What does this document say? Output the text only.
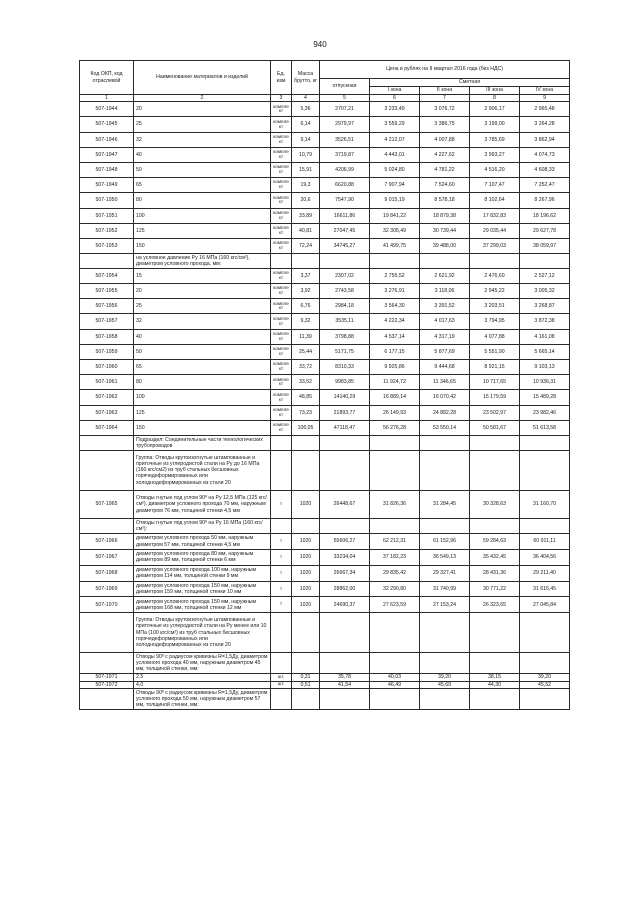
940
Код ОКП, код отраслевой	Наименование материалов и изделий	Ед. изм	Масса брутто, кг	Цена в рублях на II квартал 2016 года (без НДС)				
				отпускная	Сметная			
					I зона	II зона	III зона	IV зона
1	2	3	4	5	6	7	8	9
507-1944	20	компле кт	5,36	2707,21	3 233,49	3 076,72	2 906,17	2 965,48
507-1945	25	компле кт	6,14	2979,97	3 559,29	3 386,75	3 199,00	3 264,28
507-1946	32	компле кт	9,14	3526,51	4 212,07	4 007,88	3 785,69	3 862,94
507-1947	40	компле кт	10,79	3719,87	4 443,01	4 227,62	3 993,27	4 074,73
507-1948	50	компле кт	15,91	4206,99	5 024,80	4 781,22	4 516,20	4 608,33
507-1949	65	компле кт	19,3	6620,88	7 907,94	7 524,60	7 107,47	7 252,47
507-1950	80	компле кт	20,6	7547,90	9 015,19	8 578,18	8 102,64	8 267,96
507-1951	100	компле кт	33,89	16611,86	19 841,22	18 879,38	17 832,83	18 196,62
507-1952	125	компле кт	40,81	27047,45	32 305,49	30 739,44	29 035,44	29 627,78
507-1953	150	компле кт	72,24	34745,27	41 499,75	39 488,00	37 299,03	38 059,97
	на условное давление Ру 16 МПа (160 кгс/см²), диаметром условного прохода, мм:							
507-1954	15	компле кт	3,37	2307,02	2 755,52	2 621,92	2 476,60	2 527,12
507-1955	20	компле кт	3,92	2743,58	3 276,91	3 118,06	2 945,22	3 005,32
507-1956	25	компле кт	6,76	2984,18	3 564,30	3 391,52	3 203,51	3 268,87
507-1957	32	компле кт	9,32	3535,11	4 222,34	4 017,63	3 794,95	3 872,38
507-1958	40	компле кт	11,39	3798,88	4 537,14	4 317,19	4 077,88	4 161,08
507-1959	50	компле кт	25,44	5171,75	6 177,15	5 877,69	5 551,90	5 665,14
507-1960	65	компле кт	33,72	8310,33	9 925,86	9 444,68	8 921,15	9 103,13
507-1961	80	компле кт	33,52	9983,85	11 924,72	11 346,65	10 717,65	10 936,31
507-1962	100	компле кт	48,85	14140,29	16 889,14	16 070,42	15 179,59	15 489,28
507-1963	125	компле кт	73,23	21893,77	26 149,93	24 882,28	23 502,97	23 982,46
507-1964	150	компле кт	106,05	47118,47	56 276,28	53 550,14	50 581,67	51 613,58
	Подраздел: Соединительные части технологических трубопроводов							
	Группа: Отводы крутоизогнутые штампованные и приточные из углеродистой стали на Ру до 16 МПа (160 кгс/см2) из труб стальных бесшовных горячедеформированных или холоднодеформированных из стали 20							
507-1965	Отводы гнутые под углом 90º на Ру 12,5 МПа (125 кгс/см²), диаметром условного прохода 70 мм, наружным диаметром 76 мм, толщиной стенки 4,5 мм	т	1020	26448,67	31 826,36	31 284,45	30 328,63	31 160,70
	Отводы гнутые под углом 90º на Ру 16 МПа (160 кгс/см²):							
507-1966	диаметром условного прохода 50 мм, наружным диаметром 57 мм, толщиной стенки 4,5 мм	т	1020	55606,27	62 212,31	61 152,96	59 284,63	60 911,11
507-1967	диаметром условного прохода 80 мм, наружным диаметром 89 мм, толщиной стенки 6 мм	т	1020	33234,04	37 182,23	36 549,13	35 432,45	36 404,56
507-1968	диаметром условного прохода 100 мм, наружным диаметром 114 мм, толщиной стенки 9 мм	т	1020	26667,34	29 835,42	29 327,41	28 431,36	29 211,40
507-1969	диаметром условного прохода 150 мм, наружным диаметром 159 мм, толщиной стенки 10 мм	т	1020	28862,00	32 290,80	31 740,99	30 771,22	31 615,45
507-1970	диаметром условного прохода 150 мм, наружным диаметром 168 мм, толщиной стенки 12 мм	т	1020	24690,37	27 623,59	27 153,24	26 323,65	27 045,84
	Группа: Отводы крутоизогнутые штампованные и приточные из углеродистой стали на Ру менее или 10 МПа (100 кгс/см²) из труб стальных бесшовных горячедеформированных или холоднодеформированных из стали 20							
	Отводы 90º с радиусом кривизны R=1,5Ду, диаметром условного прохода 40 мм, наружным диаметром 45 мм, толщиной стенки, мм:							
507-1971	2,5	шт.	0,31	35,78	40,03	39,20	38,15	39,20
507-1972	4,0	шт.	0,51	41,54	46,49	45,69	44,30	45,52
	Отводы 90º с радиусом кривизны R=1,5Ду, диаметром условного прохода 50 мм, наружным диаметром 57 мм, толщиной стенки, мм:							
